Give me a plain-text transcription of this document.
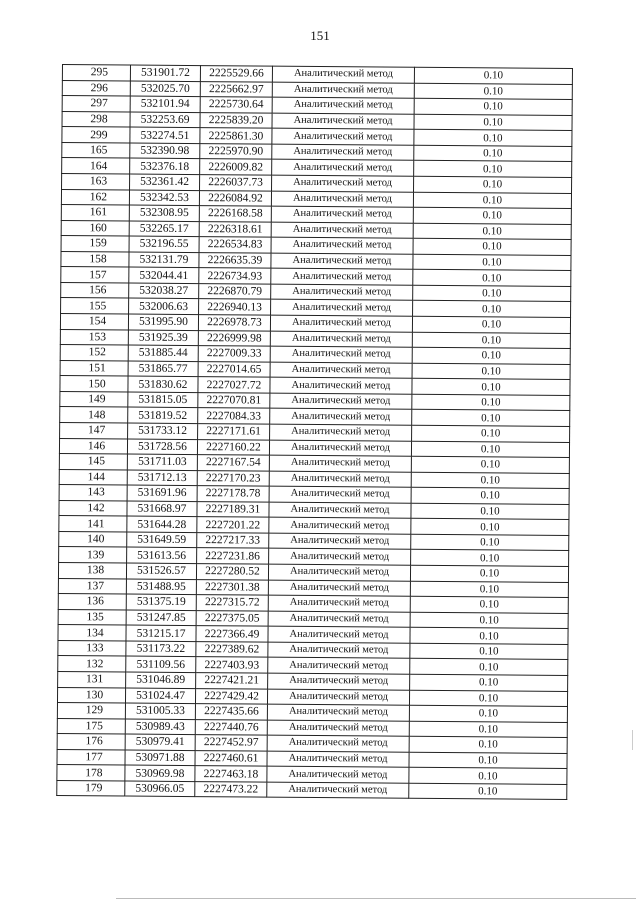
151
295	531901.72	2225529.66	Аналитический метод	0.10
296	532025.70	2225662.97	Аналитический метод	0.10
297	532101.94	2225730.64	Аналитический метод	0.10
298	532253.69	2225839.20	Аналитический метод	0.10
299	532274.51	2225861.30	Аналитический метод	0.10
165	532390.98	2225970.90	Аналитический метод	0.10
164	532376.18	2226009.82	Аналитический метод	0.10
163	532361.42	2226037.73	Аналитический метод	0.10
162	532342.53	2226084.92	Аналитический метод	0.10
161	532308.95	2226168.58	Аналитический метод	0.10
160	532265.17	2226318.61	Аналитический метод	0.10
159	532196.55	2226534.83	Аналитический метод	0.10
158	532131.79	2226635.39	Аналитический метод	0.10
157	532044.41	2226734.93	Аналитический метод	0.10
156	532038.27	2226870.79	Аналитический метод	0.10
155	532006.63	2226940.13	Аналитический метод	0.10
154	531995.90	2226978.73	Аналитический метод	0.10
153	531925.39	2226999.98	Аналитический метод	0.10
152	531885.44	2227009.33	Аналитический метод	0.10
151	531865.77	2227014.65	Аналитический метод	0.10
150	531830.62	2227027.72	Аналитический метод	0.10
149	531815.05	2227070.81	Аналитический метод	0.10
148	531819.52	2227084.33	Аналитический метод	0.10
147	531733.12	2227171.61	Аналитический метод	0.10
146	531728.56	2227160.22	Аналитический метод	0.10
145	531711.03	2227167.54	Аналитический метод	0.10
144	531712.13	2227170.23	Аналитический метод	0.10
143	531691.96	2227178.78	Аналитический метод	0.10
142	531668.97	2227189.31	Аналитический метод	0.10
141	531644.28	2227201.22	Аналитический метод	0.10
140	531649.59	2227217.33	Аналитический метод	0.10
139	531613.56	2227231.86	Аналитический метод	0.10
138	531526.57	2227280.52	Аналитический метод	0.10
137	531488.95	2227301.38	Аналитический метод	0.10
136	531375.19	2227315.72	Аналитический метод	0.10
135	531247.85	2227375.05	Аналитический метод	0.10
134	531215.17	2227366.49	Аналитический метод	0.10
133	531173.22	2227389.62	Аналитический метод	0.10
132	531109.56	2227403.93	Аналитический метод	0.10
131	531046.89	2227421.21	Аналитический метод	0.10
130	531024.47	2227429.42	Аналитический метод	0.10
129	531005.33	2227435.66	Аналитический метод	0.10
175	530989.43	2227440.76	Аналитический метод	0.10
176	530979.41	2227452.97	Аналитический метод	0.10
177	530971.88	2227460.61	Аналитический метод	0.10
178	530969.98	2227463.18	Аналитический метод	0.10
179	530966.05	2227473.22	Аналитический метод	0.10
